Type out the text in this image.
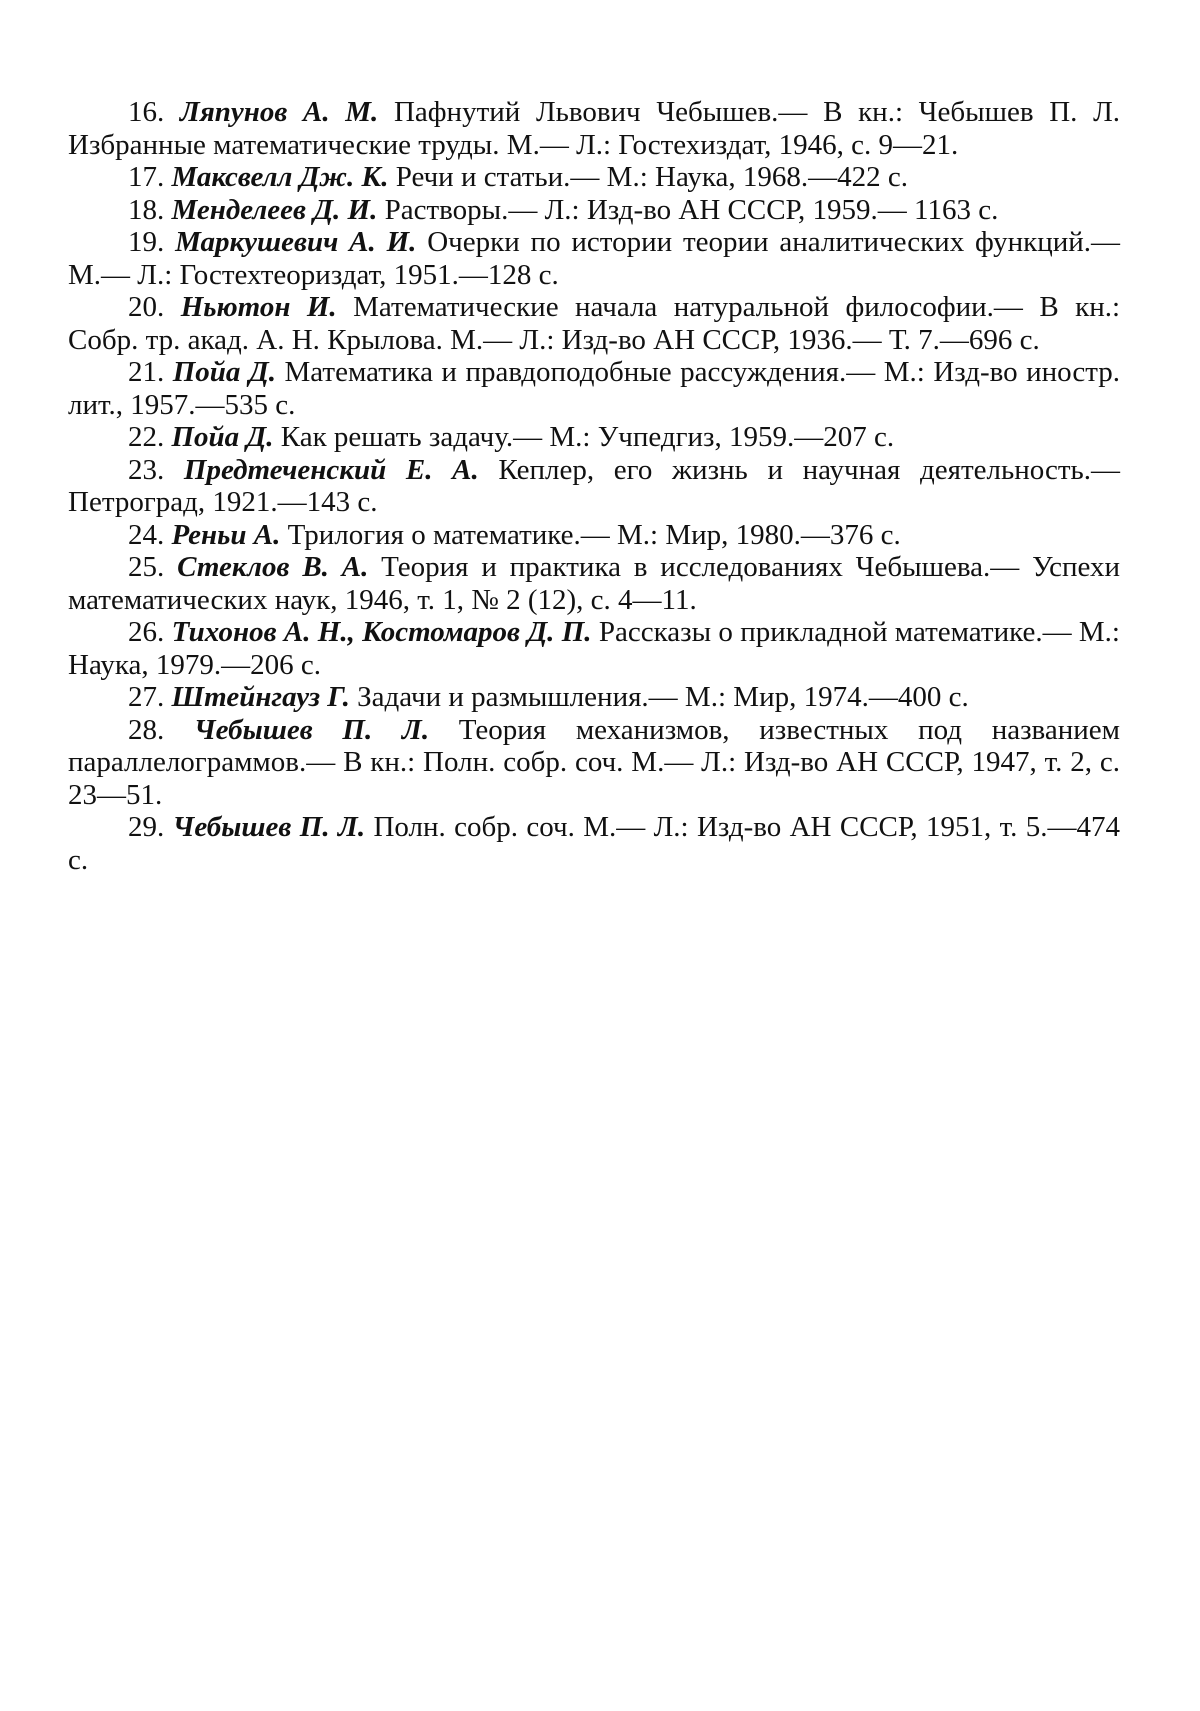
16. Ляпунов А. М. Пафнутий Львович Чебышев.— В кн.: Чебышев П. Л. Избранные математические труды. М.— Л.: Гостехиздат, 1946, с. 9—21.

17. Максвелл Дж. К. Речи и статьи.— М.: Наука, 1968.—422 с.

18. Менделеев Д. И. Растворы.— Л.: Изд-во АН СССР, 1959.— 1163 с.

19. Маркушевич А. И. Очерки по истории теории аналитических функций.— М.— Л.: Гостехтеориздат, 1951.—128 с.

20. Ньютон И. Математические начала натуральной философии.— В кн.: Собр. тр. акад. А. Н. Крылова. М.— Л.: Изд-во АН СССР, 1936.— Т. 7.—696 с.

21. Пойа Д. Математика и правдоподобные рассуждения.— М.: Изд-во иностр. лит., 1957.—535 с.

22. Пойа Д. Как решать задачу.— М.: Учпедгиз, 1959.—207 с.

23. Предтеченский Е. А. Кеплер, его жизнь и научная деятельность.— Петроград, 1921.—143 с.

24. Реньи А. Трилогия о математике.— М.: Мир, 1980.—376 с.

25. Стеклов В. А. Теория и практика в исследованиях Чебышева.— Успехи математических наук, 1946, т. 1, № 2 (12), с. 4—11.

26. Тихонов А. Н., Костомаров Д. П. Рассказы о прикладной математике.— М.: Наука, 1979.—206 с.

27. Штейнгауз Г. Задачи и размышления.— М.: Мир, 1974.—400 с.

28. Чебышев П. Л. Теория механизмов, известных под названием параллелограммов.— В кн.: Полн. собр. соч. М.— Л.: Изд-во АН СССР, 1947, т. 2, с. 23—51.

29. Чебышев П. Л. Полн. собр. соч. М.— Л.: Изд-во АН СССР, 1951, т. 5.—474 с.
